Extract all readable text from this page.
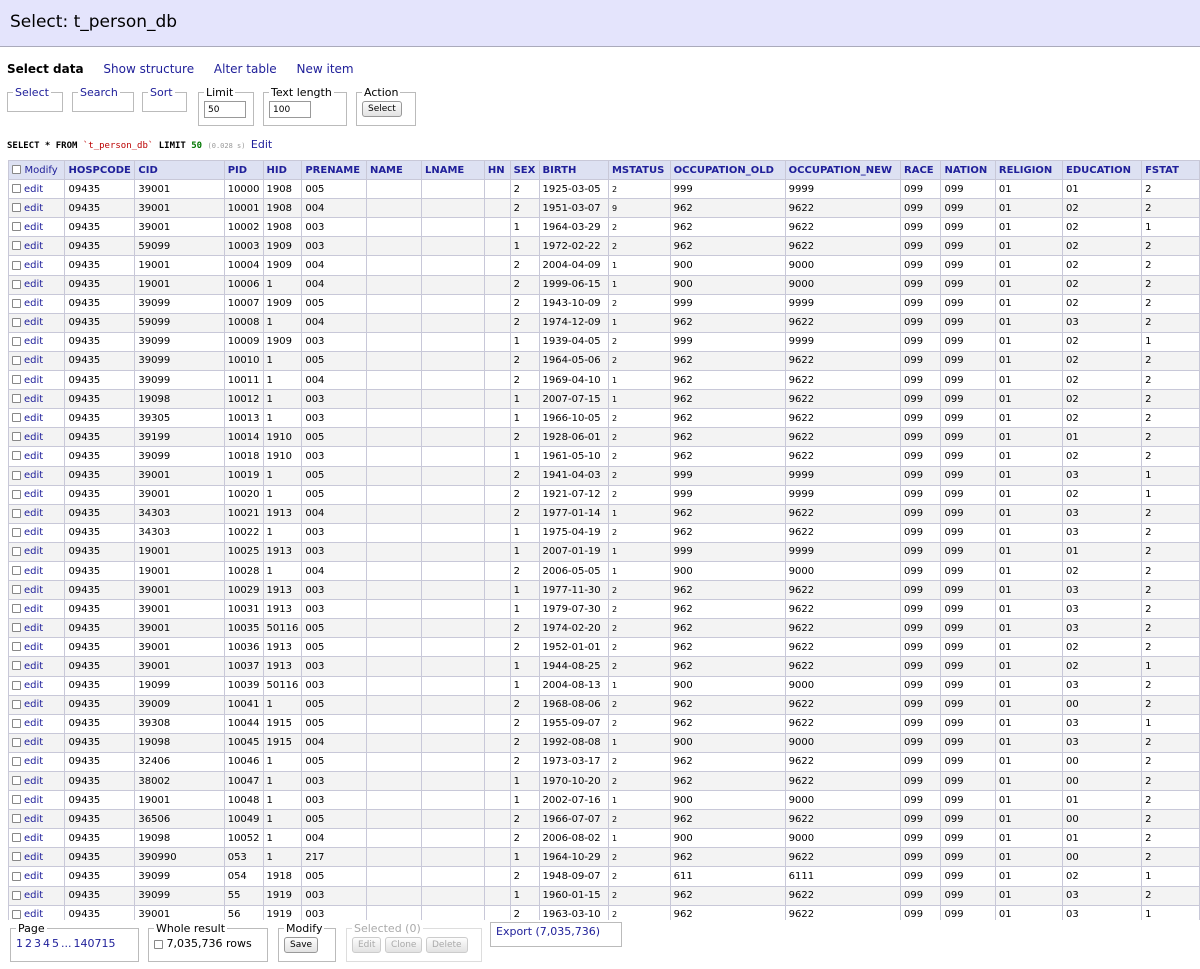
Select: t_person_db
Select data Show structure Alter table New item
Select	Search	Sort	Limit
50	Text length
100	Action
Select
SELECT * FROM `t_person_db` LIMIT 50 (0.028 s) Edit
Modify	HOSPCODE	CID	PID	HID	PRENAME	NAME	LNAME	HN	SEX	BIRTH	MSTATUS	OCCUPATION_OLD	OCCUPATION_NEW	RACE	NATION	RELIGION	EDUCATION	FSTAT
edit	09435	39001	10000	1908	005				2	1925-03-05	2	999	9999	099	099	01	01	2
edit	09435	39001	10001	1908	004				2	1951-03-07	9	962	9622	099	099	01	02	2
edit	09435	39001	10002	1908	003				1	1964-03-29	2	962	9622	099	099	01	02	1
edit	09435	59099	10003	1909	003				1	1972-02-22	2	962	9622	099	099	01	02	2
edit	09435	19001	10004	1909	004				2	2004-04-09	1	900	9000	099	099	01	02	2
edit	09435	19001	10006	1	004				2	1999-06-15	1	900	9000	099	099	01	02	2
edit	09435	39099	10007	1909	005				2	1943-10-09	2	999	9999	099	099	01	02	2
edit	09435	59099	10008	1	004				2	1974-12-09	1	962	9622	099	099	01	03	2
edit	09435	39099	10009	1909	003				1	1939-04-05	2	999	9999	099	099	01	02	1
edit	09435	39099	10010	1	005				2	1964-05-06	2	962	9622	099	099	01	02	2
edit	09435	39099	10011	1	004				2	1969-04-10	1	962	9622	099	099	01	02	2
edit	09435	19098	10012	1	003				1	2007-07-15	1	962	9622	099	099	01	02	2
edit	09435	39305	10013	1	003				1	1966-10-05	2	962	9622	099	099	01	02	2
edit	09435	39199	10014	1910	005				2	1928-06-01	2	962	9622	099	099	01	01	2
edit	09435	39099	10018	1910	003				1	1961-05-10	2	962	9622	099	099	01	02	2
edit	09435	39001	10019	1	005				2	1941-04-03	2	999	9999	099	099	01	03	1
edit	09435	39001	10020	1	005				2	1921-07-12	2	999	9999	099	099	01	02	1
edit	09435	34303	10021	1913	004				2	1977-01-14	1	962	9622	099	099	01	03	2
edit	09435	34303	10022	1	003				1	1975-04-19	2	962	9622	099	099	01	03	2
edit	09435	19001	10025	1913	003				1	2007-01-19	1	999	9999	099	099	01	01	2
edit	09435	19001	10028	1	004				2	2006-05-05	1	900	9000	099	099	01	02	2
edit	09435	39001	10029	1913	003				1	1977-11-30	2	962	9622	099	099	01	03	2
edit	09435	39001	10031	1913	003				1	1979-07-30	2	962	9622	099	099	01	03	2
edit	09435	39001	10035	50116	005				2	1974-02-20	2	962	9622	099	099	01	03	2
edit	09435	39001	10036	1913	005				2	1952-01-01	2	962	9622	099	099	01	02	2
edit	09435	39001	10037	1913	003				1	1944-08-25	2	962	9622	099	099	01	02	1
edit	09435	19099	10039	50116	003				1	2004-08-13	1	900	9000	099	099	01	03	2
edit	09435	39009	10041	1	005				2	1968-08-06	2	962	9622	099	099	01	00	2
edit	09435	39308	10044	1915	005				2	1955-09-07	2	962	9622	099	099	01	03	1
edit	09435	19098	10045	1915	004				2	1992-08-08	1	900	9000	099	099	01	03	2
edit	09435	32406	10046	1	005				2	1973-03-17	2	962	9622	099	099	01	00	2
edit	09435	38002	10047	1	003				1	1970-10-20	2	962	9622	099	099	01	00	2
edit	09435	19001	10048	1	003				1	2002-07-16	1	900	9000	099	099	01	01	2
edit	09435	36506	10049	1	005				2	1966-07-07	2	962	9622	099	099	01	00	2
edit	09435	19098	10052	1	004				2	2006-08-02	1	900	9000	099	099	01	01	2
edit	09435	390990	053	1	217				1	1964-10-29	2	962	9622	099	099	01	00	2
edit	09435	39099	054	1918	005				2	1948-09-07	2	611	6111	099	099	01	02	1
edit	09435	39099	55	1919	003				1	1960-01-15	2	962	9622	099	099	01	03	2
edit	09435	39001	56	1919	003				2	1963-03-10	2	962	9622	099	099	01	03	1
Page
1 2 3 4 5 ... 140715
Whole result
7,035,736 rows
Modify
Save
Selected (0)
Edit Clone Delete
Export (7,035,736)
